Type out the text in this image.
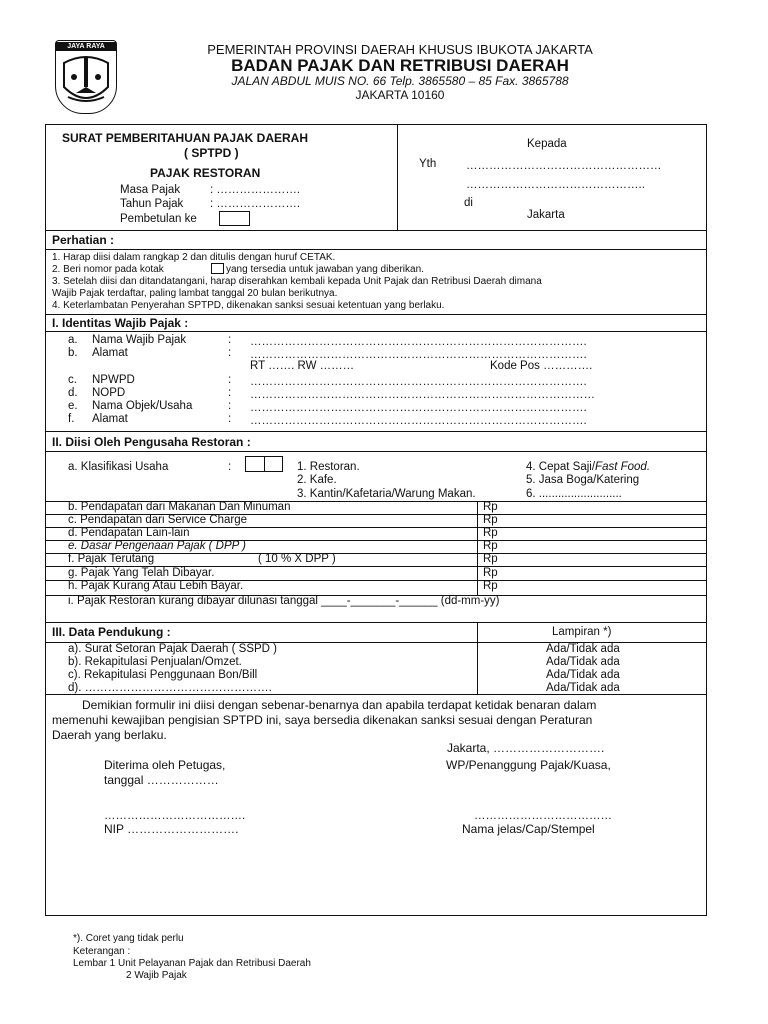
JAYA RAYA	PEMERINTAH PROVINSI DAERAH KHUSUS IBUKOTA JAKARTA
BADAN PAJAK DAN RETRIBUSI DAERAH
JALAN ABDUL MUIS NO. 66 Telp. 3865580 – 85 Fax. 3865788
JAKARTA 10160
SURAT PEMBERITAHUAN PAJAK DAERAH
( SPTPD )
PAJAK RESTORAN
Masa Pajak	: ………………….
Tahun Pajak : ………………….
Pembetulan ke
Kepada
Yth	……………………………………………
………………………………………..
di
Jakarta
Perhatian :
1. Harap diisi dalam rangkap 2 dan ditulis dengan huruf CETAK.
2. Beri nomor pada kotak	yang tersedia untuk jawaban yang diberikan.
3. Setelah diisi dan ditandatangani, harap diserahkan kembali kepada Unit Pajak dan Retribusi Daerah dimana
Wajib Pajak terdaftar, paling lambat tanggal 20 bulan berikutnya.
4. Keterlambatan Penyerahan SPTPD, dikenakan sanksi sesuai ketentuan yang berlaku.
I. Identitas Wajib Pajak :
a. Nama Wajib Pajak	: …………………………………………………………………………….
b. Alamat	: …………………………………………………………………………….
RT ……. RW ………	Kode Pos ………….
c. NPWPD	: …………………………………………………………………………….
d. NOPD	: ………………………………………………………………………………
e. Nama Objek/Usaha	: …………………………………………………………………………….
f. Alamat	: …………………………………………………………………………….
II. Diisi Oleh Pengusaha Restoran :
a. Klasifikasi Usaha	:	1. Restoran.
2. Kafe.
3. Kantin/Kafetaria/Warung Makan.
4. Cepat Saji/Fast Food.
5. Jasa Boga/Katering
6. ..........................
b. Pendapatan dari Makanan Dan Minuman	Rp
c. Pendapatan dari Service Charge	Rp
d. Pendapatan Lain-lain	Rp
e. Dasar Pengenaan Pajak ( DPP )	Rp
f. Pajak Terutang	( 10 % X DPP )	Rp
g. Pajak Yang Telah Dibayar.	Rp
h. Pajak Kurang Atau Lebih Bayar.	Rp
i. Pajak Restoran kurang dibayar dilunasi tanggal ____-_______-______ (dd-mm-yy)
III. Data Pendukung :	Lampiran *)
a). Surat Setoran Pajak Daerah ( SSPD )	Ada/Tidak ada
b). Rekapitulasi Penjualan/Omzet.	Ada/Tidak ada
c). Rekapitulasi Penggunaan Bon/Bill	Ada/Tidak ada
d). ………………………………………….	Ada/Tidak ada
Demikian formulir ini diisi dengan sebenar-benarnya dan apabila terdapat ketidak benaran dalam
memenuhi kewajiban pengisian SPTPD ini, saya bersedia dikenakan sanksi sesuai dengan Peraturan
Daerah yang berlaku.
Jakarta, ……………………….
Diterima oleh Petugas,	WP/Penanggung Pajak/Kuasa,
tanggal ………………
……………………………….	………………………………
NIP ……………………….	Nama jelas/Cap/Stempel
*). Coret yang tidak perlu
Keterangan :
Lembar 1 Unit Pelayanan Pajak dan Retribusi Daerah
2 Wajib Pajak
